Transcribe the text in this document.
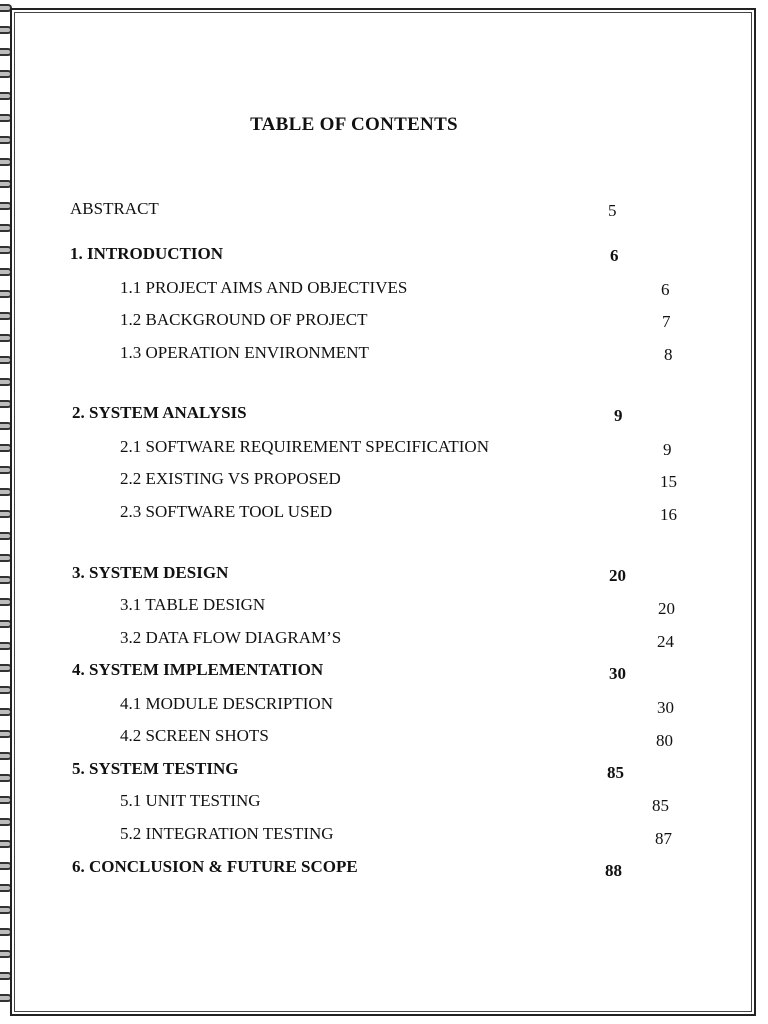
TABLE OF CONTENTS
ABSTRACT	5
1. INTRODUCTION	6
1.1 PROJECT AIMS AND OBJECTIVES	6
1.2 BACKGROUND OF PROJECT	7
1.3 OPERATION ENVIRONMENT	8
2. SYSTEM ANALYSIS	9
2.1 SOFTWARE REQUIREMENT SPECIFICATION	9
2.2 EXISTING VS PROPOSED	15
2.3 SOFTWARE TOOL USED	16
3. SYSTEM DESIGN	20
3.1 TABLE DESIGN	20
3.2 DATA FLOW DIAGRAM’S	24
4. SYSTEM IMPLEMENTATION	30
4.1 MODULE DESCRIPTION	30
4.2 SCREEN SHOTS	80
5. SYSTEM TESTING	85
5.1 UNIT TESTING	85
5.2 INTEGRATION TESTING	87
6. CONCLUSION & FUTURE SCOPE	88
